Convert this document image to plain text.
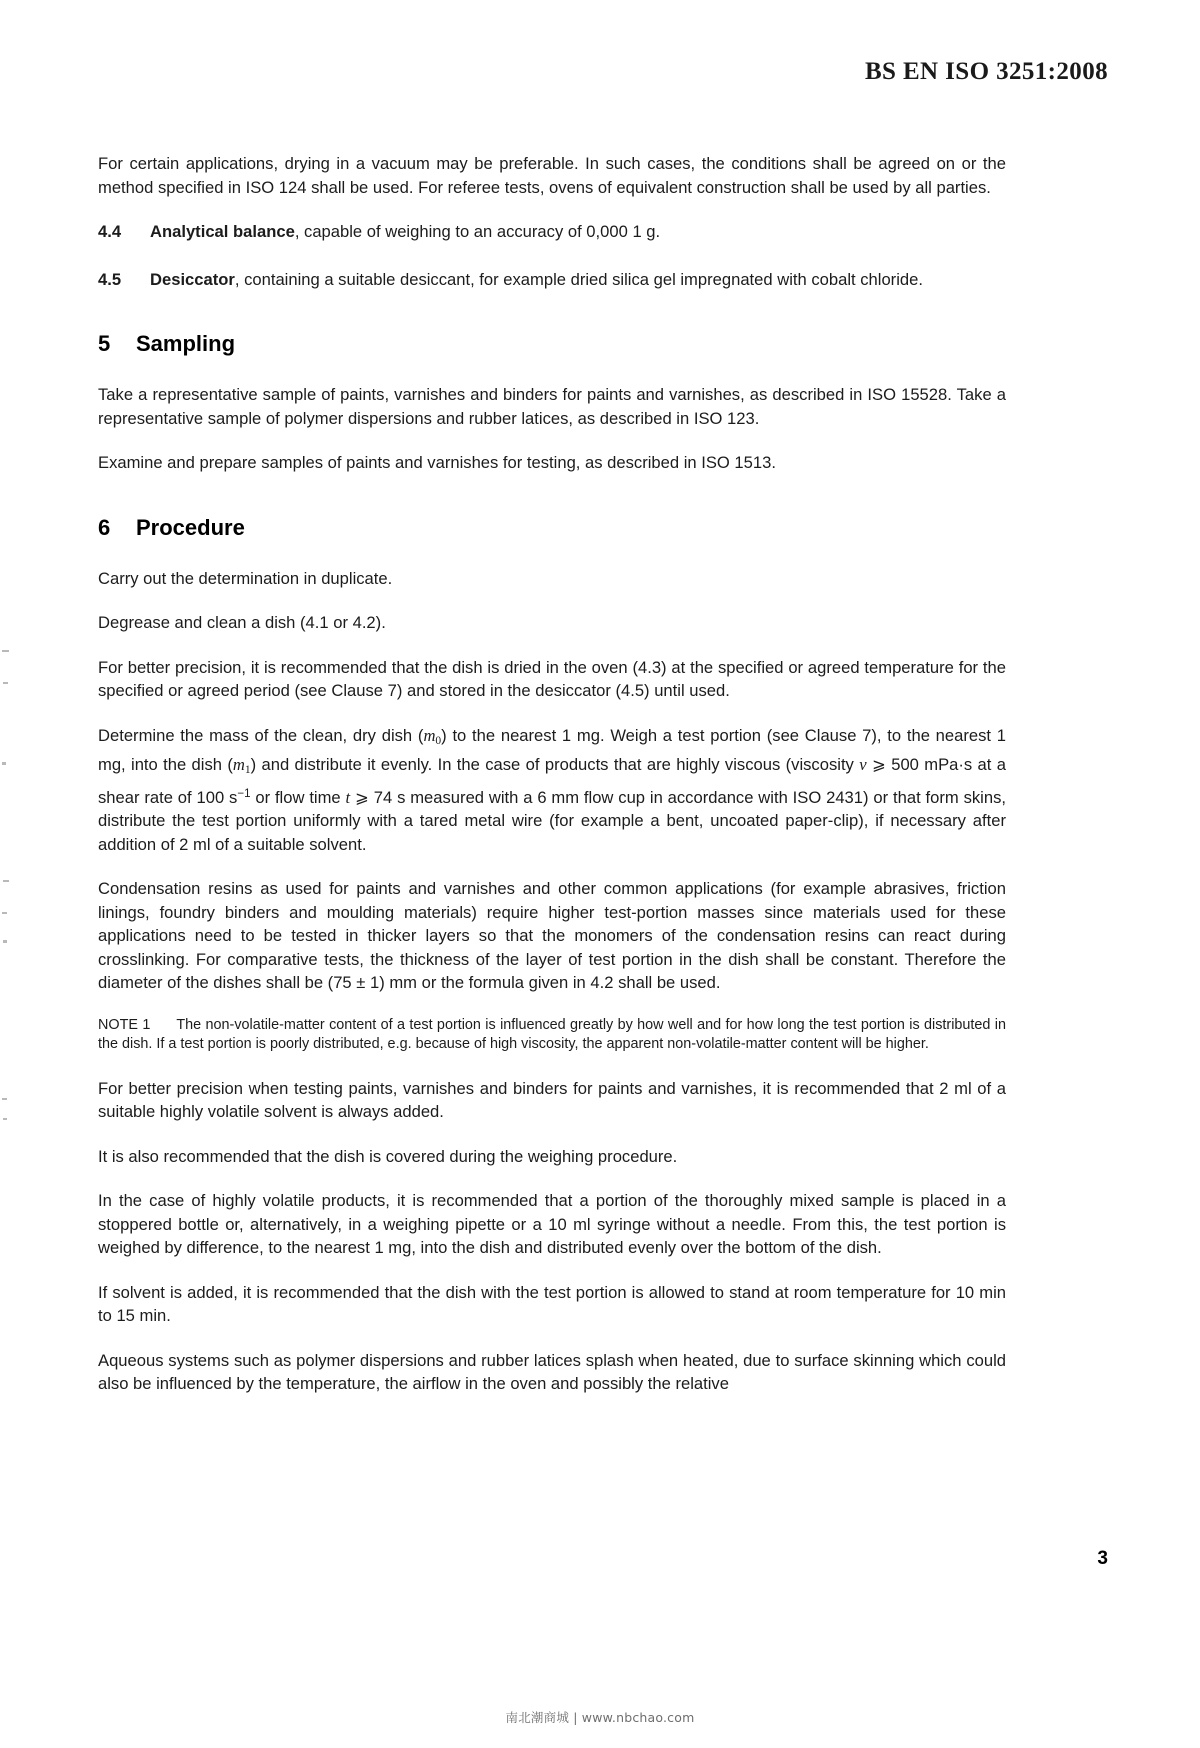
BS EN ISO 3251:2008

For certain applications, drying in a vacuum may be preferable. In such cases, the conditions shall be agreed on or the method specified in ISO 124 shall be used. For referee tests, ovens of equivalent construction shall be used by all parties.

4.4 Analytical balance, capable of weighing to an accuracy of 0,000 1 g.

4.5 Desiccator, containing a suitable desiccant, for example dried silica gel impregnated with cobalt chloride.

5 Sampling

Take a representative sample of paints, varnishes and binders for paints and varnishes, as described in ISO 15528. Take a representative sample of polymer dispersions and rubber latices, as described in ISO 123.

Examine and prepare samples of paints and varnishes for testing, as described in ISO 1513.

6 Procedure

Carry out the determination in duplicate.

Degrease and clean a dish (4.1 or 4.2).

For better precision, it is recommended that the dish is dried in the oven (4.3) at the specified or agreed temperature for the specified or agreed period (see Clause 7) and stored in the desiccator (4.5) until used.

Determine the mass of the clean, dry dish (m0) to the nearest 1 mg. Weigh a test portion (see Clause 7), to the nearest 1 mg, into the dish (m1) and distribute it evenly. In the case of products that are highly viscous (viscosity v ⩾ 500 mPa·s at a shear rate of 100 $s^{-1}$ or flow time t ⩾ 74 s measured with a 6 mm flow cup in accordance with ISO 2431) or that form skins, distribute the test portion uniformly with a tared metal wire (for example a bent, uncoated paper-clip), if necessary after addition of 2 ml of a suitable solvent.

Condensation resins as used for paints and varnishes and other common applications (for example abrasives, friction linings, foundry binders and moulding materials) require higher test-portion masses since materials used for these applications need to be tested in thicker layers so that the monomers of the condensation resins can react during crosslinking. For comparative tests, the thickness of the layer of test portion in the dish shall be constant. Therefore the diameter of the dishes shall be (75 ± 1) mm or the formula given in 4.2 shall be used.

NOTE 1 The non-volatile-matter content of a test portion is influenced greatly by how well and for how long the test portion is distributed in the dish. If a test portion is poorly distributed, e.g. because of high viscosity, the apparent non-volatile-matter content will be higher.

For better precision when testing paints, varnishes and binders for paints and varnishes, it is recommended that 2 ml of a suitable highly volatile solvent is always added.

It is also recommended that the dish is covered during the weighing procedure.

In the case of highly volatile products, it is recommended that a portion of the thoroughly mixed sample is placed in a stoppered bottle or, alternatively, in a weighing pipette or a 10 ml syringe without a needle. From this, the test portion is weighed by difference, to the nearest 1 mg, into the dish and distributed evenly over the bottom of the dish.

If solvent is added, it is recommended that the dish with the test portion is allowed to stand at room temperature for 10 min to 15 min.

Aqueous systems such as polymer dispersions and rubber latices splash when heated, due to surface skinning which could also be influenced by the temperature, the airflow in the oven and possibly the relative

3
南北潮商城 | www.nbchao.com
